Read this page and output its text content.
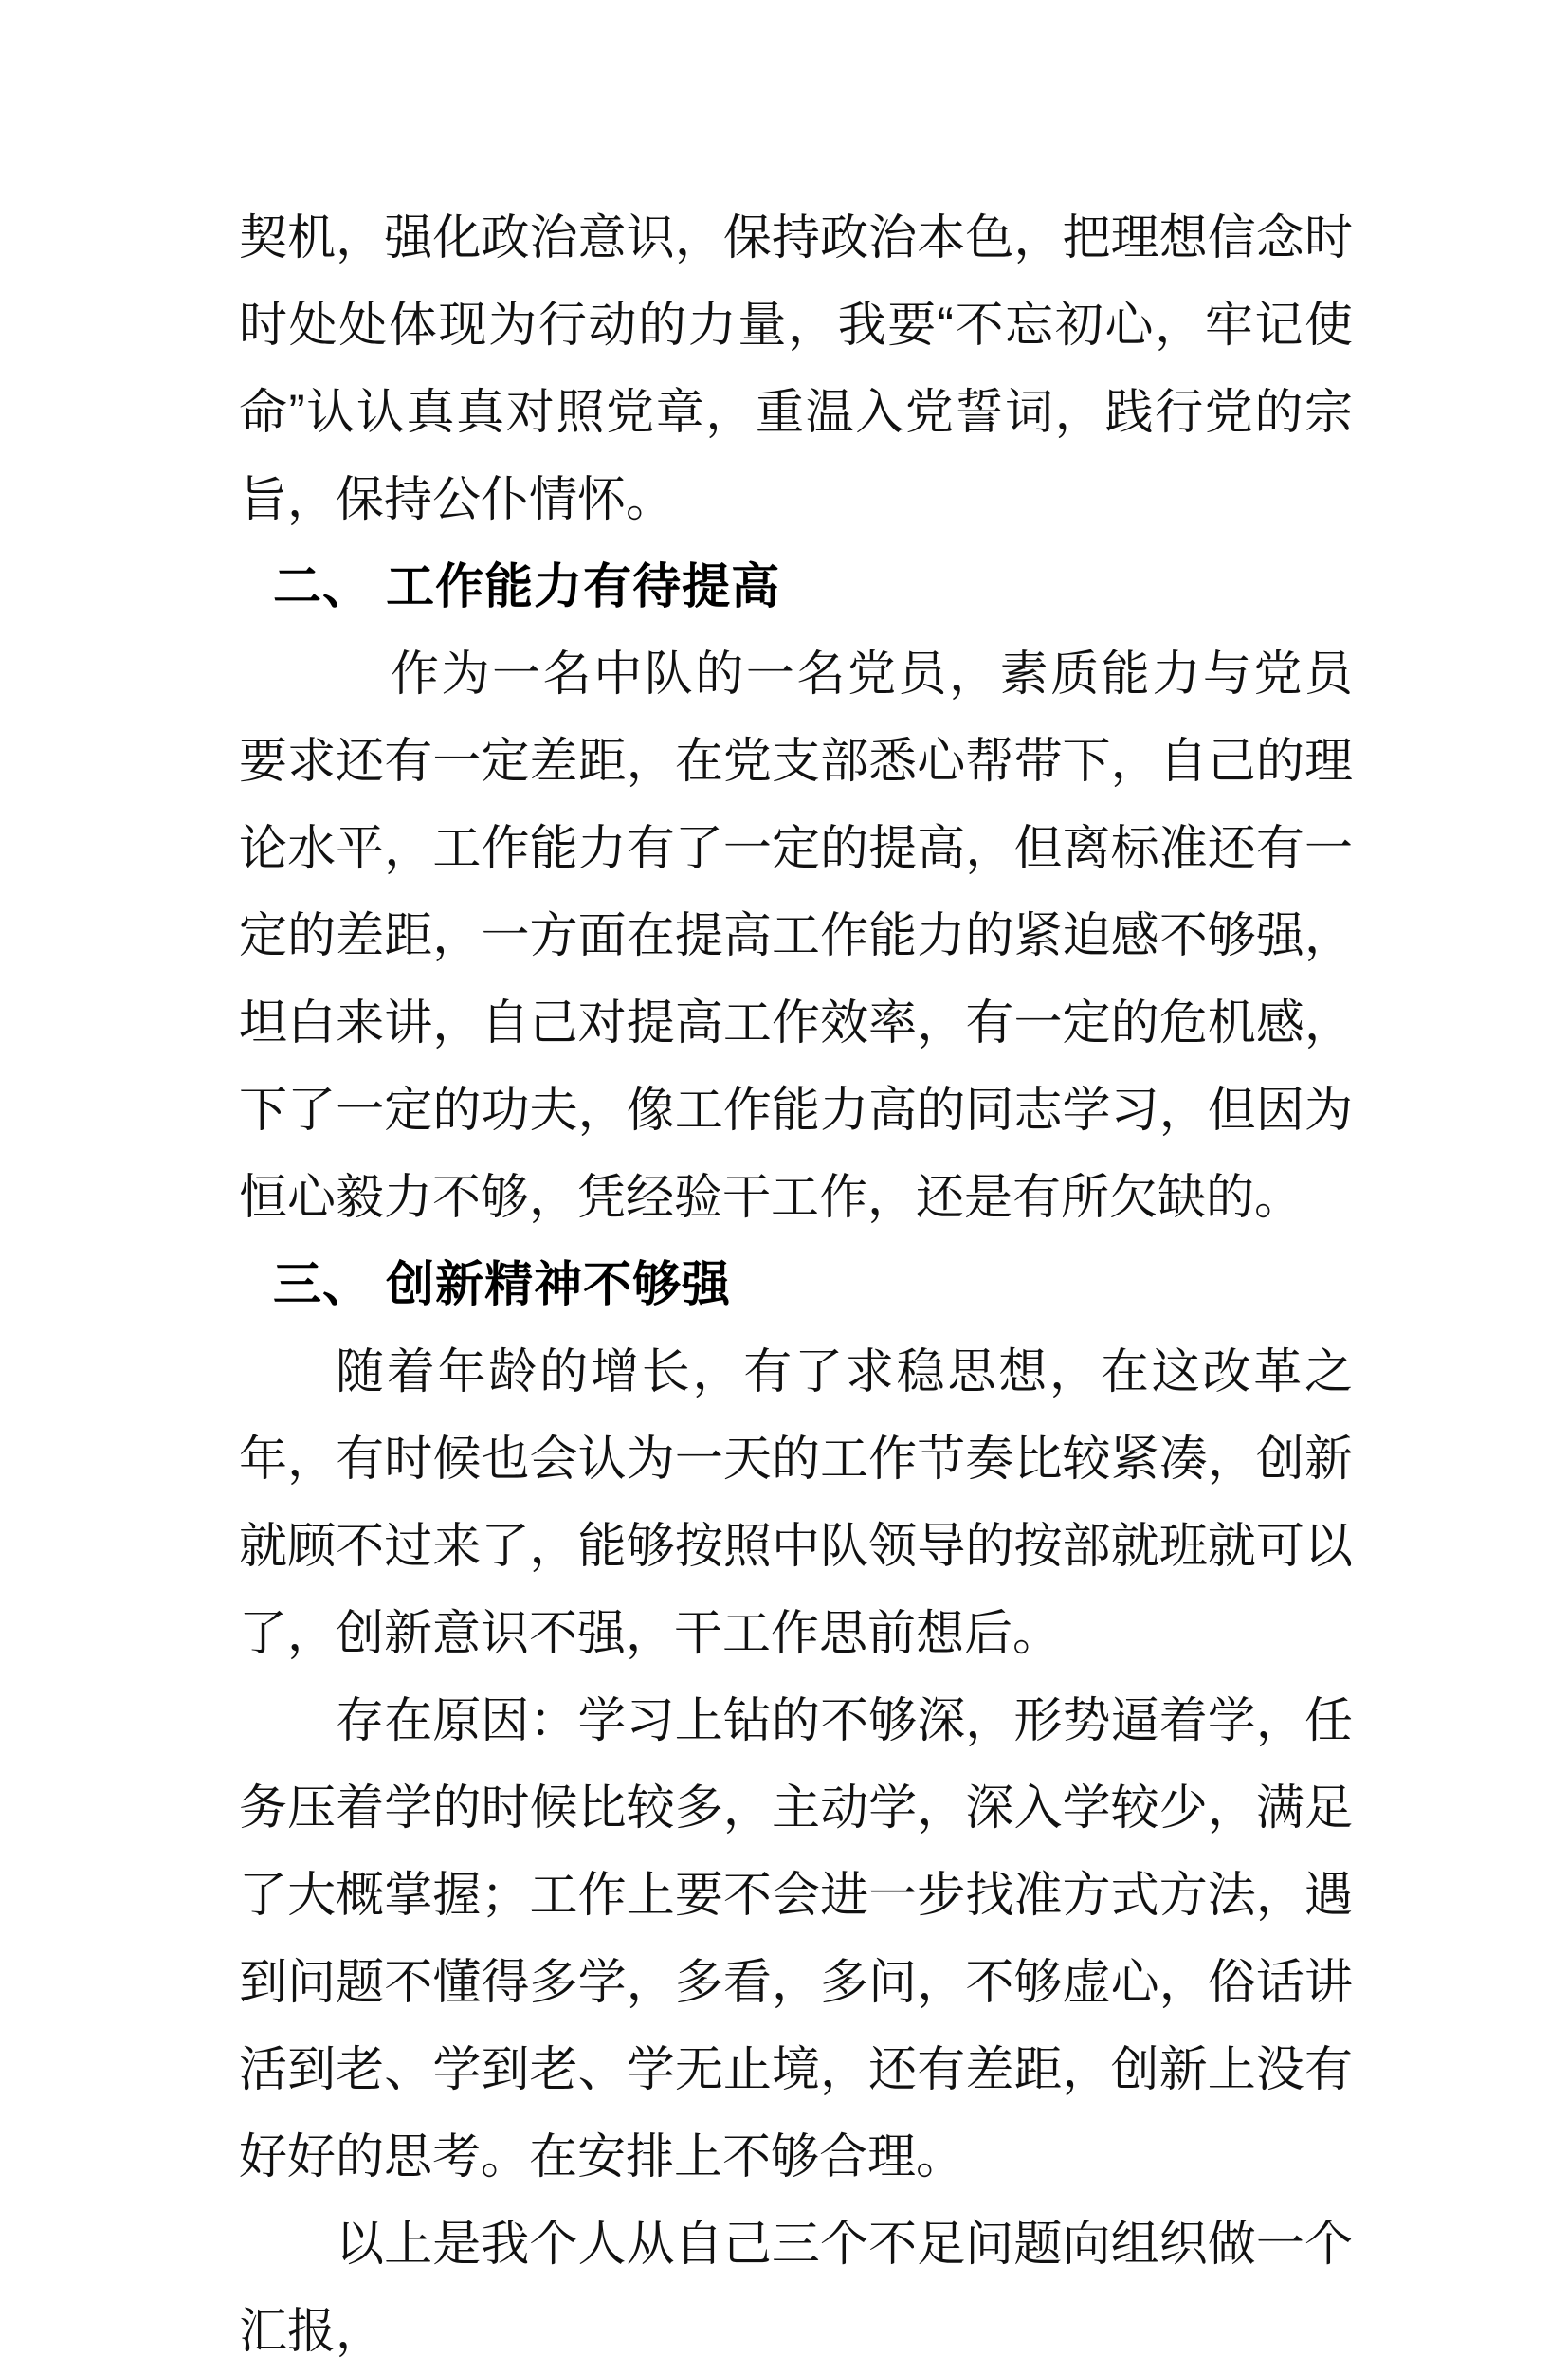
契机，强化政治意识，保持政治本色，把理想信念时时处处体现为行动的力量，我要“不忘初心，牢记使命”认认真真对照党章，重温入党誓词，践行党的宗旨，保持公仆情怀。

二、 工作能力有待提高

作为一名中队的一名党员，素质能力与党员要求还有一定差距，在党支部悉心帮带下，自己的理论水平，工作能力有了一定的提高，但离标准还有一定的差距，一方面在提高工作能力的紧迫感不够强，坦白来讲，自己对提高工作效率，有一定的危机感，下了一定的功夫，像工作能力高的同志学习，但因为恒心毅力不够，凭经验干工作，还是有所欠缺的。

三、 创新精神不够强

随着年龄的增长，有了求稳思想，在这改革之年，有时候也会认为一天的工作节奏比较紧凑，创新就顾不过来了，能够按照中队领导的按部就班就可以了，创新意识不强，干工作思前想后。

存在原因：学习上钻的不够深，形势逼着学，任务压着学的时候比较多，主动学，深入学较少，满足了大概掌握；工作上要不会进一步找准方式方法，遇到问题不懂得多学，多看，多问，不够虚心，俗话讲活到老、学到老、学无止境，还有差距，创新上没有好好的思考。在安排上不够合理。

以上是我个人从自己三个不足问题向组织做一个汇报，
